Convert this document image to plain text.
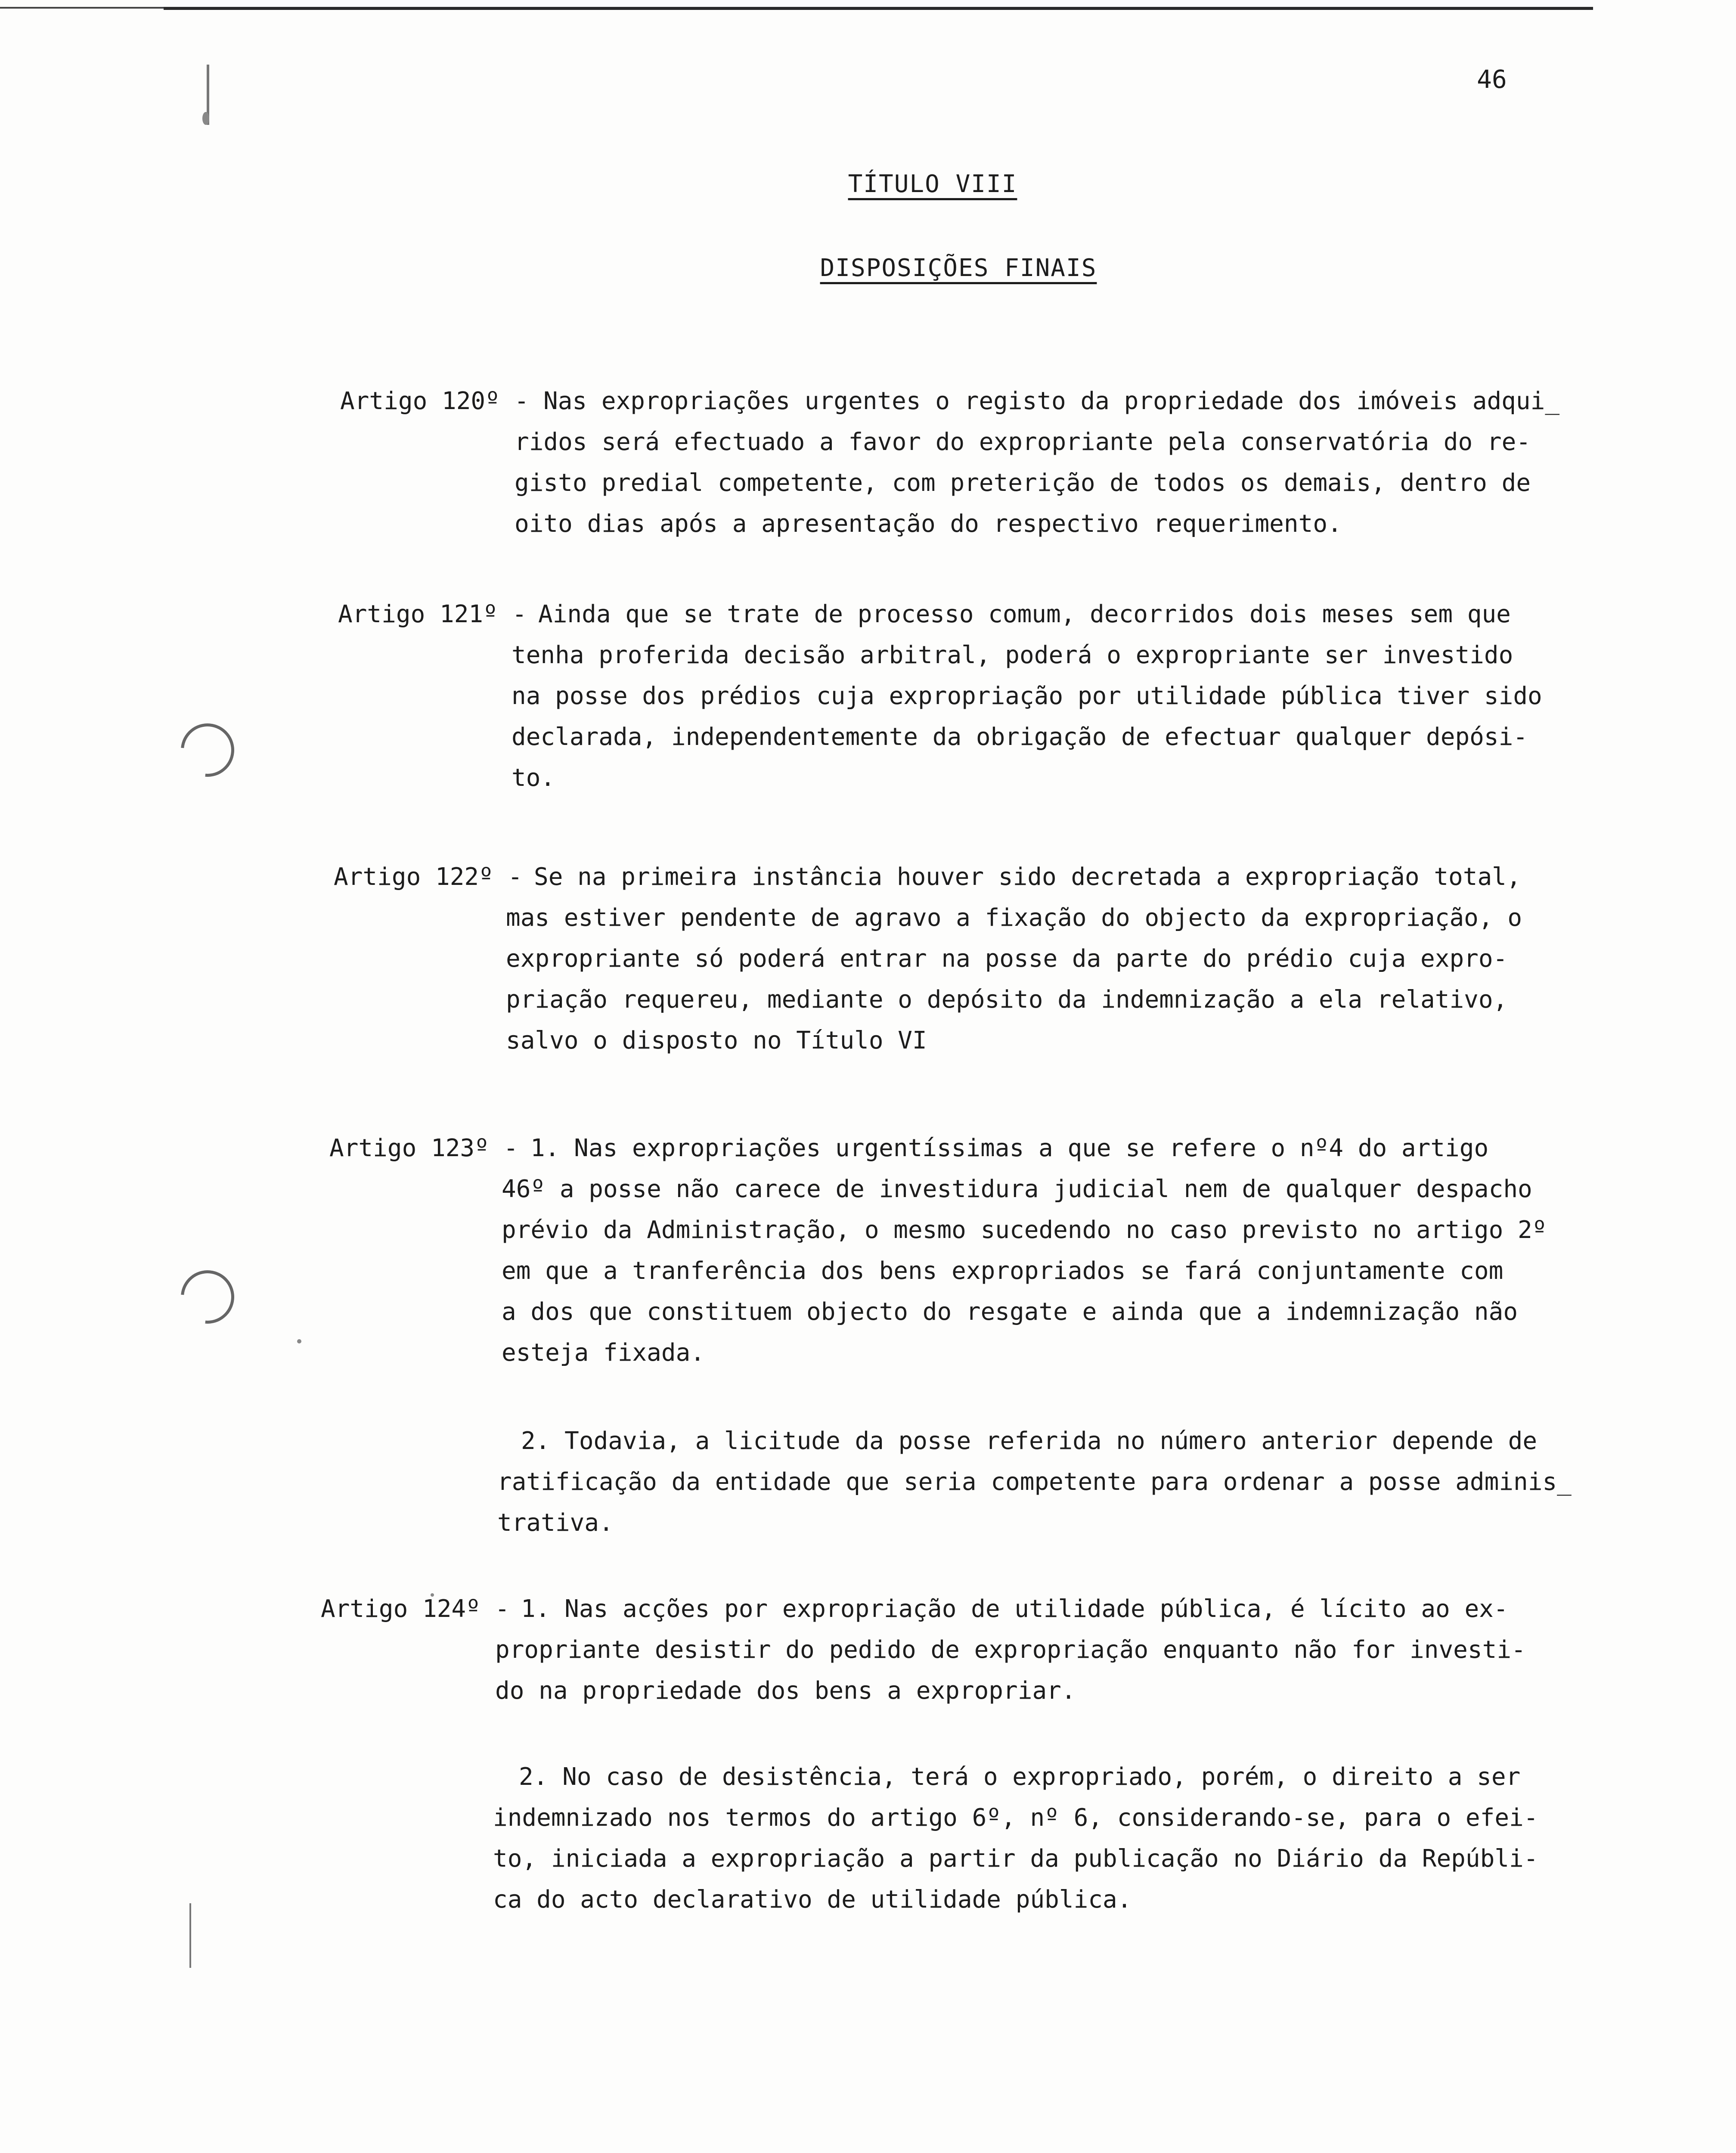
46
TÍTULO VIII
DISPOSIÇÕES FINAIS
Artigo 120º - Nas expropriações urgentes o registo da propriedade dos imóveis adqui_
ridos será efectuado a favor do expropriante pela conservatória do re-
gisto predial competente, com preterição de todos os demais, dentro de
oito dias após a apresentação do respectivo requerimento.
Artigo 121º -
Ainda que se trate de processo comum, decorridos dois meses sem que
tenha proferida decisão arbitral, poderá o expropriante ser investido
na posse dos prédios cuja expropriação por utilidade pública tiver sido
declarada, independentemente da obrigação de efectuar qualquer depósi-
to.
Artigo 122º -
Se na primeira instância houver sido decretada a expropriação total,
mas estiver pendente de agravo a fixação do objecto da expropriação, o
expropriante só poderá entrar na posse da parte do prédio cuja expro-
priação requereu, mediante o depósito da indemnização a ela relativo,
salvo o disposto no Título VI
Artigo 123º -
1. Nas expropriações urgentíssimas a que se refere o nº4 do artigo
46º a posse não carece de investidura judicial nem de qualquer despacho
prévio da Administração, o mesmo sucedendo no caso previsto no artigo 2º
em que a tranferência dos bens expropriados se fará conjuntamente com
a dos que constituem objecto do resgate e ainda que a indemnização não
esteja fixada.
2. Todavia, a licitude da posse referida no número anterior depende de
ratificação da entidade que seria competente para ordenar a posse adminis_
trativa.
Artigo 124º -
1. Nas acções por expropriação de utilidade pública, é lícito ao ex-
propriante desistir do pedido de expropriação enquanto não for investi-
do na propriedade dos bens a expropriar.
2. No caso de desistência, terá o expropriado, porém, o direito a ser
indemnizado nos termos do artigo 6º, nº 6, considerando-se, para o efei-
to, iniciada a expropriação a partir da publicação no Diário da Repúbli-
ca do acto declarativo de utilidade pública.
